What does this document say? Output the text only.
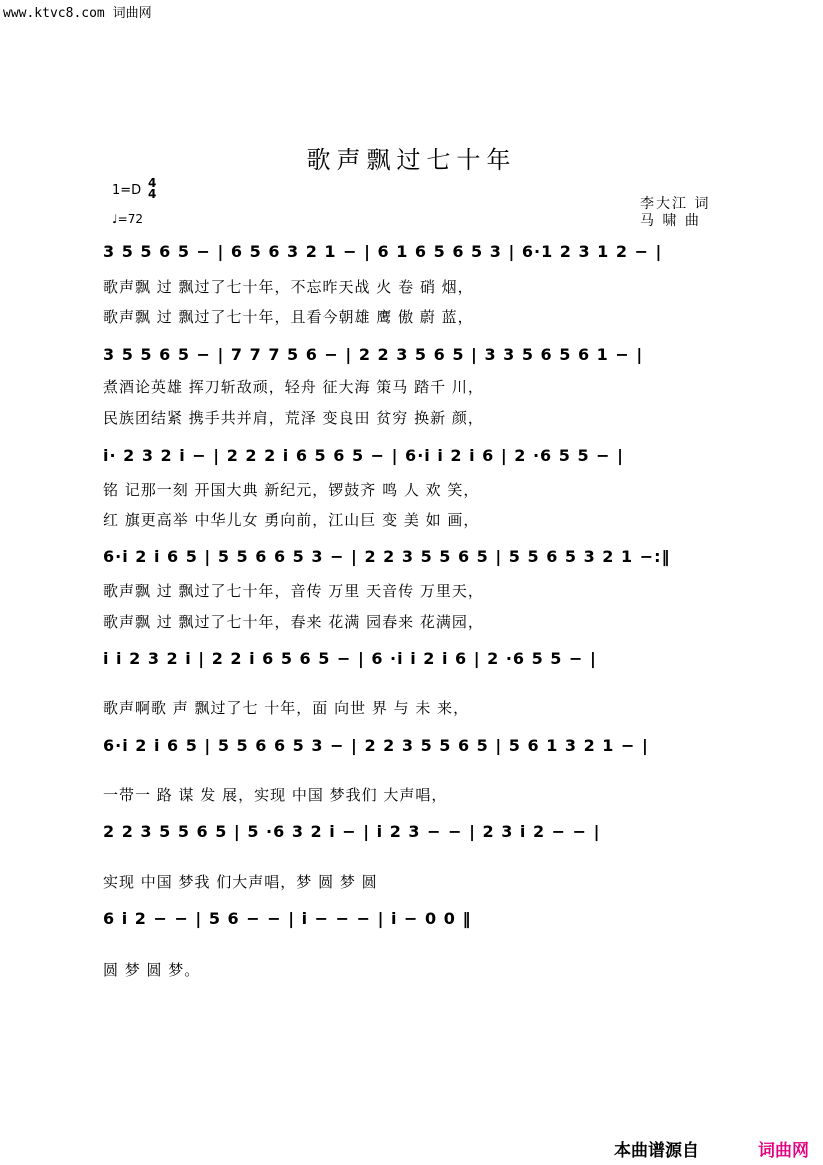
www.ktvc8.com 词曲网
歌声飘过七十年
1=D 4
4
♩=72
李大江 词
马 啸 曲
3 5 5 6 5 − | 6 5 6 3 2 1 − | 6 1 6 5 6 5 3 | 6·1 2 3 1 2 − |
歌声飘 过 飘过了七十年，不忘昨天战 火 卷 硝 烟，
歌声飘 过 飘过了七十年，且看今朝雄 鹰 傲 蔚 蓝，
3 5 5 6 5 − | 7 7 7 5 6 − | 2 2 3 5 6 5 | 3 3 5 6 5 6 1 − |
煮酒论英雄 挥刀斩敌顽，轻舟 征大海 策马 踏千 川，
民族团结紧 携手共并肩，荒泽 变良田 贫穷 换新 颜，
i· 2 3 2 i − | 2 2 2 i 6 5 6 5 − | 6·i i 2 i 6 | 2 ·6 5 5 − |
铭 记那一刻 开国大典 新纪元，锣鼓齐 鸣 人 欢 笑，
红 旗更高举 中华儿女 勇向前，江山巨 变 美 如 画，
6·i 2 i 6 5 | 5 5 6 6 5 3 − | 2 2 3 5 5 6 5 | 5 5 6 5 3 2 1 −:‖
歌声飘 过 飘过了七十年，音传 万里 天音传 万里天，
歌声飘 过 飘过了七十年，春来 花满 园春来 花满园，
i i 2 3 2 i | 2 2 i 6 5 6 5 − | 6 ·i i 2 i 6 | 2 ·6 5 5 − |
歌声啊歌 声 飘过了七 十年，面 向世 界 与 未 来，
6·i 2 i 6 5 | 5 5 6 6 5 3 − | 2 2 3 5 5 6 5 | 5 6 1 3 2 1 − |
一带一 路 谋 发 展，实现 中国 梦我们 大声唱，
2 2 3 5 5 6 5 | 5 ·6 3 2 i − | i 2 3 − − | 2 3 i 2 − − |
实现 中国 梦我 们大声唱，梦 圆 梦 圆
6 i 2 − − | 5 6 − − | i − − − | i − 0 0 ‖
圆 梦 圆 梦。
本曲谱源自	词曲网
